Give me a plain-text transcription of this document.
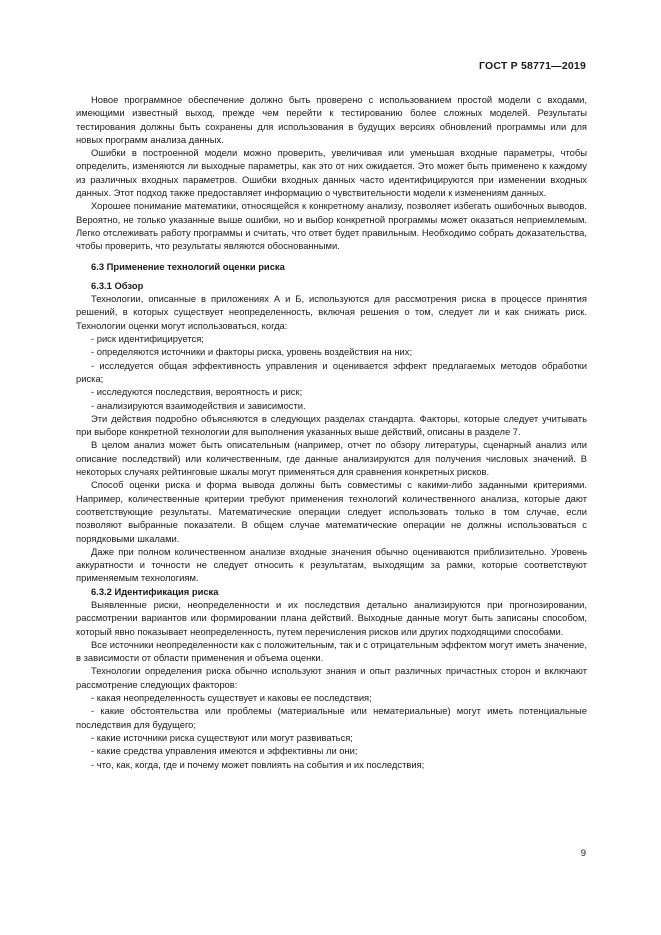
ГОСТ Р 58771—2019

Новое программное обеспечение должно быть проверено с использованием простой модели с входами, имеющими известный выход, прежде чем перейти к тестированию более сложных моделей. Результаты тестирования должны быть сохранены для использования в будущих версиях обновлений программы или для новых программ анализа данных.

Ошибки в построенной модели можно проверить, увеличивая или уменьшая входные параметры, чтобы определить, изменяются ли выходные параметры, как это от них ожидается. Это может быть применено к каждому из различных входных параметров. Ошибки входных данных часто идентифицируются при изменении входных данных. Этот подход также предоставляет информацию о чувствительности модели к изменениям данных.

Хорошее понимание математики, относящейся к конкретному анализу, позволяет избегать ошибочных выводов. Вероятно, не только указанные выше ошибки, но и выбор конкретной программы может оказаться неприемлемым. Легко отслеживать работу программы и считать, что ответ будет правильным. Необходимо собрать доказательства, чтобы проверить, что результаты являются обоснованными.

6.3 Применение технологий оценки риска
6.3.1 Обзор

Технологии, описанные в приложениях А и Б, используются для рассмотрения риска в процессе принятия решений, в которых существует неопределенность, включая решения о том, следует ли и как снижать риск. Технологии оценки могут использоваться, когда:

- риск идентифицируется;

- определяются источники и факторы риска, уровень воздействия на них;

- исследуется общая эффективность управления и оценивается эффект предлагаемых методов обработки риска;

- исследуются последствия, вероятность и риск;

- анализируются взаимодействия и зависимости.

Эти действия подробно объясняются в следующих разделах стандарта. Факторы, которые следует учитывать при выборе конкретной технологии для выполнения указанных выше действий, описаны в разделе 7.

В целом анализ может быть описательным (например, отчет по обзору литературы, сценарный анализ или описание последствий) или количественным, где данные анализируются для получения числовых значений. В некоторых случаях рейтинговые шкалы могут применяться для сравнения конкретных рисков.

Способ оценки риска и форма вывода должны быть совместимы с какими-либо заданными критериями. Например, количественные критерии требуют применения технологий количественного анализа, которые дают соответствующие результаты. Математические операции следует использовать только в том случае, если позволяют выбранные показатели. В общем случае математические операции не должны использоваться с порядковыми шкалами.

Даже при полном количественном анализе входные значения обычно оцениваются приблизительно. Уровень аккуратности и точности не следует относить к результатам, выходящим за рамки, которые соответствуют применяемым технологиям.

6.3.2 Идентификация риска

Выявленные риски, неопределенности и их последствия детально анализируются при прогнозировании, рассмотрении вариантов или формировании плана действий. Выходные данные могут быть записаны способом, который явно показывает неопределенность, путем перечисления рисков или других подходящими способами.

Все источники неопределенности как с положительным, так и с отрицательным эффектом могут иметь значение, в зависимости от области применения и объема оценки.

Технологии определения риска обычно используют знания и опыт различных причастных сторон и включают рассмотрение следующих факторов:

- какая неопределенность существует и каковы ее последствия;

- какие обстоятельства или проблемы (материальные или нематериальные) могут иметь потенциальные последствия для будущего;

- какие источники риска существуют или могут развиваться;

- какие средства управления имеются и эффективны ли они;

- что, как, когда, где и почему может повлиять на события и их последствия;

9
